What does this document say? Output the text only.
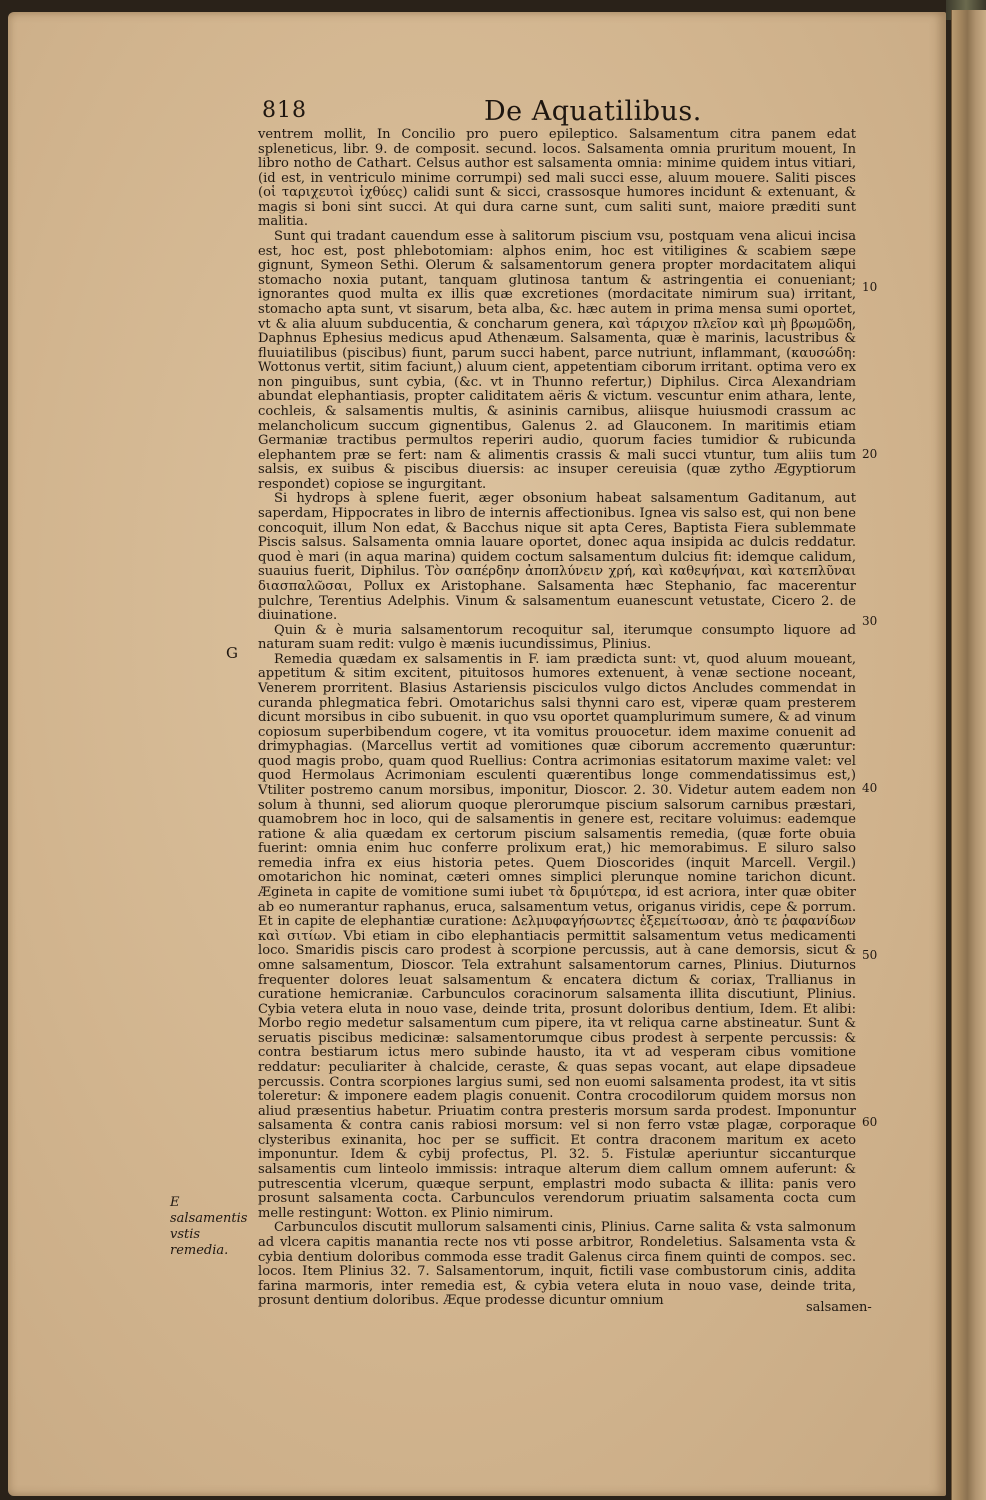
818	De Aquatilibus.

ventrem mollit, In Concilio pro puero epileptico. Salsamentum citra panem edat spleneticus, libr. 9. de composit. secund. locos. Salsamenta omnia pruritum mouent, In libro notho de Cathart. Celsus author est salsamenta omnia: minime quidem intus vitiari, (id est, in ventriculo minime corrumpi) sed mali succi esse, aluum mouere. Saliti pisces (οἱ ταριχευτοὶ ἰχθύες) calidi sunt & sicci, crassosque humores incidunt & extenuant, & magis si boni sint succi. At qui dura carne sunt, cum saliti sunt, maiore præditi sunt malitia.

Sunt qui tradant cauendum esse à salitorum piscium vsu, postquam vena alicui incisa est, hoc est, post phlebotomiam: alphos enim, hoc est vitiligines & scabiem sæpe gignunt, Symeon Sethi. Olerum & salsamentorum genera propter mordacitatem aliqui stomacho noxia putant, tanquam glutinosa tantum & astringentia ei conueniant; ignorantes quod multa ex illis quæ excretiones (mordacitate nimirum sua) irritant, stomacho apta sunt, vt sisarum, beta alba, &c. hæc autem in prima mensa sumi oportet, vt & alia aluum subducentia, & concharum genera, καὶ τάριχον πλεῖον καὶ μὴ βρωμῶδη, Daphnus Ephesius medicus apud Athenæum. Salsamenta, quæ è marinis, lacustribus & fluuiatilibus (piscibus) fiunt, parum succi habent, parce nutriunt, inflammant, (καυσώδη: Wottonus vertit, sitim faciunt,) aluum cient, appetentiam ciborum irritant. optima vero ex non pinguibus, sunt cybia, (&c. vt in Thunno refertur,) Diphilus. Circa Alexandriam abundat elephantiasis, propter caliditatem aëris & victum. vescuntur enim athara, lente, cochleis, & salsamentis multis, & asininis carnibus, aliisque huiusmodi crassum ac melancholicum succum gignentibus, Galenus 2. ad Glauconem. In maritimis etiam Germaniæ tractibus permultos reperiri audio, quorum facies tumidior & rubicunda elephantem præ se fert: nam & alimentis crassis & mali succi vtuntur, tum aliis tum salsis, ex suibus & piscibus diuersis: ac insuper cereuisia (quæ zytho Ægyptiorum respondet) copiose se ingurgitant.

Si hydrops à splene fuerit, æger obsonium habeat salsamentum Gaditanum, aut saperdam, Hippocrates in libro de internis affectionibus. Ignea vis salso est, qui non bene concoquit, illum Non edat, & Bacchus nique sit apta Ceres, Baptista Fiera sublemmate Piscis salsus. Salsamenta omnia lauare oportet, donec aqua insipida ac dulcis reddatur. quod è mari (in aqua marina) quidem coctum salsamentum dulcius fit: idemque calidum, suauius fuerit, Diphilus. Τὸν σαπέρδην ἀποπλύνειν χρή, καὶ καθεψήναι, καὶ κατεπλῦναι διασπαλῶσαι, Pollux ex Aristophane. Salsamenta hæc Stephanio, fac macerentur pulchre, Terentius Adelphis. Vinum & salsamentum euanescunt vetustate, Cicero 2. de diuinatione.

Quin & è muria salsamentorum recoquitur sal, iterumque consumpto liquore ad naturam suam redit: vulgo è mænis iucundissimus, Plinius.

Remedia quædam ex salsamentis in F. iam prædicta sunt: vt, quod aluum moueant, appetitum & sitim excitent, pituitosos humores extenuent, à venæ sectione noceant, Venerem prorritent. Blasius Astariensis pisciculos vulgo dictos Ancludes commendat in curanda phlegmatica febri. Omotarichus salsi thynni caro est, viperæ quam presterem dicunt morsibus in cibo subuenit. in quo vsu oportet quamplurimum sumere, & ad vinum copiosum superbibendum cogere, vt ita vomitus prouocetur. idem maxime conuenit ad drimyphagias. (Marcellus vertit ad vomitiones quæ ciborum accremento quæruntur: quod magis probo, quam quod Ruellius: Contra acrimonias esitatorum maxime valet: vel quod Hermolaus Acrimoniam esculenti quærentibus longe commendatissimus est,) Vtiliter postremo canum morsibus, imponitur, Dioscor. 2. 30. Videtur autem eadem non solum à thunni, sed aliorum quoque plerorumque piscium salsorum carnibus præstari, quamobrem hoc in loco, qui de salsamentis in genere est, recitare voluimus: eademque ratione & alia quædam ex certorum piscium salsamentis remedia, (quæ forte obuia fuerint: omnia enim huc conferre prolixum erat,) hic memorabimus. E siluro salso remedia infra ex eius historia petes. Quem Dioscorides (inquit Marcell. Vergil.) omotarichon hic nominat, cæteri omnes simplici plerunque nomine tarichon dicunt. Ægineta in capite de vomitione sumi iubet τὰ δριμύτερα, id est acriora, inter quæ obiter ab eo numerantur raphanus, eruca, salsamentum vetus, origanus viridis, cepe & porrum. Et in capite de elephantiæ curatione: Δελμυφαγήσωντες ἐξεμείτωσαν, ἀπὸ τε ῥαφανίδων καὶ σιτίων. Vbi etiam in cibo elephantiacis permittit salsamentum vetus medicamenti loco. Smaridis piscis caro prodest à scorpione percussis, aut à cane demorsis, sicut & omne salsamentum, Dioscor. Tela extrahunt salsamentorum carnes, Plinius. Diuturnos frequenter dolores leuat salsamentum & encatera dictum & coriax, Trallianus in curatione hemicraniæ. Carbunculos coracinorum salsamenta illita discutiunt, Plinius. Cybia vetera eluta in nouo vase, deinde trita, prosunt doloribus dentium, Idem. Et alibi: Morbo regio medetur salsamentum cum pipere, ita vt reliqua carne abstineatur. Sunt & seruatis piscibus medicinæ: salsamentorumque cibus prodest à serpente percussis: & contra bestiarum ictus mero subinde hausto, ita vt ad vesperam cibus vomitione reddatur: peculiariter à chalcide, ceraste, & quas sepas vocant, aut elape dipsadeue percussis. Contra scorpiones largius sumi, sed non euomi salsamenta prodest, ita vt sitis toleretur: & imponere eadem plagis conuenit. Contra crocodilorum quidem morsus non aliud præsentius habetur. Priuatim contra presteris morsum sarda prodest. Imponuntur salsamenta & contra canis rabiosi morsum: vel si non ferro vstæ plagæ, corporaque clysteribus exinanita, hoc per se sufficit. Et contra draconem maritum ex aceto imponuntur. Idem & cybij profectus, Pl. 32. 5. Fistulæ aperiuntur siccanturque salsamentis cum linteolo immissis: intraque alterum diem callum omnem auferunt: & putrescentia vlcerum, quæque serpunt, emplastri modo subacta & illita: panis vero prosunt salsamenta cocta. Carbunculos verendorum priuatim salsamenta cocta cum melle restingunt: Wotton. ex Plinio nimirum.

Carbunculos discutit mullorum salsamenti cinis, Plinius. Carne salita & vsta salmonum ad vlcera capitis manantia recte nos vti posse arbitror, Rondeletius. Salsamenta vsta & cybia dentium doloribus commoda esse tradit Galenus circa finem quinti de compos. sec. locos. Item Plinius 32. 7. Salsamentorum, inquit, fictili vase combustorum cinis, addita farina marmoris, inter remedia est, & cybia vetera eluta in nouo vase, deinde trita, prosunt dentium doloribus. Æque prodesse dicuntur omnium

10
20
30
40
50
60
G
E salsamentis vstis remedia.
salsamen-
